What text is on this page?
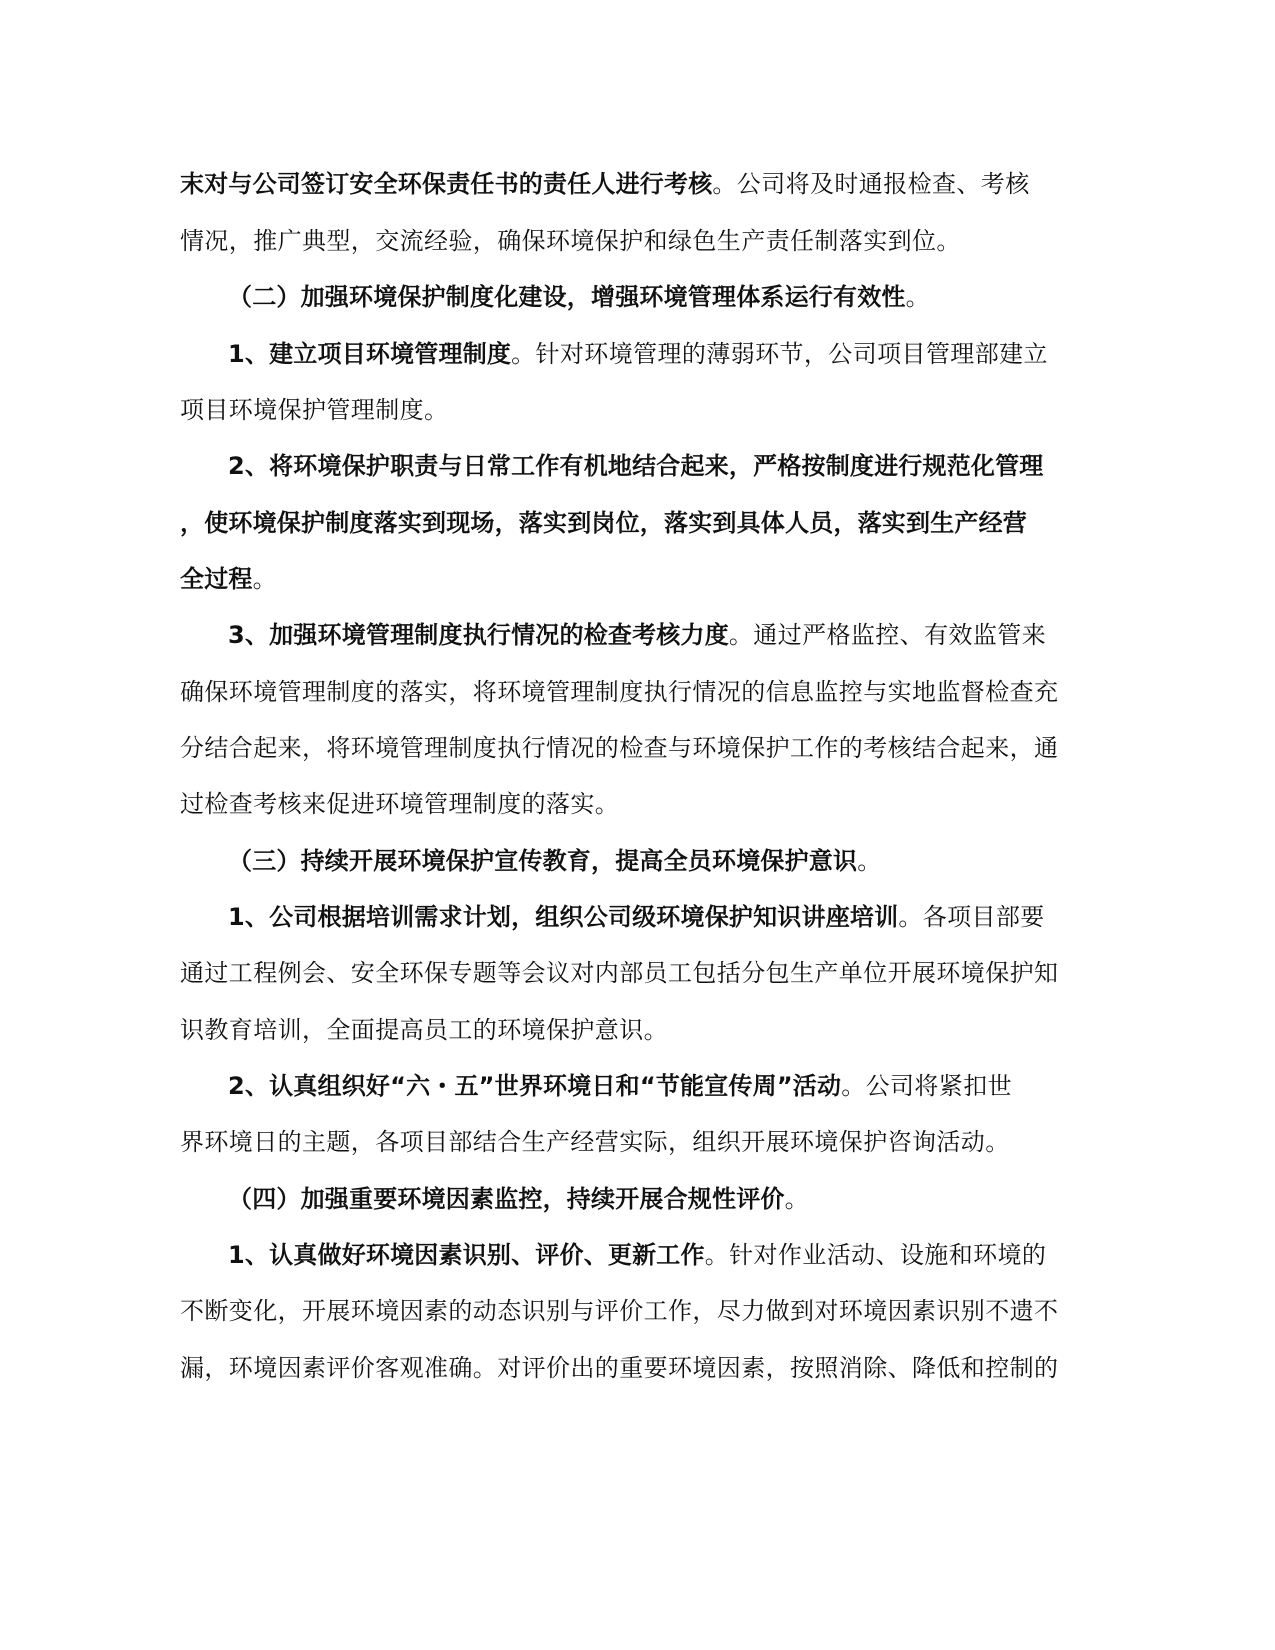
末对与公司签订安全环保责任书的责任人进行考核。公司将及时通报检查、考核
情况，推广典型，交流经验，确保环境保护和绿色生产责任制落实到位。
（二）加强环境保护制度化建设，增强环境管理体系运行有效性。
1、建立项目环境管理制度。针对环境管理的薄弱环节，公司项目管理部建立
项目环境保护管理制度。
2、将环境保护职责与日常工作有机地结合起来，严格按制度进行规范化管理
，使环境保护制度落实到现场，落实到岗位，落实到具体人员，落实到生产经营
全过程。
3、加强环境管理制度执行情况的检查考核力度。通过严格监控、有效监管来
确保环境管理制度的落实，将环境管理制度执行情况的信息监控与实地监督检查充
分结合起来，将环境管理制度执行情况的检查与环境保护工作的考核结合起来，通
过检查考核来促进环境管理制度的落实。
（三）持续开展环境保护宣传教育，提高全员环境保护意识。
1、公司根据培训需求计划，组织公司级环境保护知识讲座培训。各项目部要
通过工程例会、安全环保专题等会议对内部员工包括分包生产单位开展环境保护知
识教育培训，全面提高员工的环境保护意识。
2、认真组织好“六・五”世界环境日和“节能宣传周”活动。公司将紧扣世
界环境日的主题，各项目部结合生产经营实际，组织开展环境保护咨询活动。
（四）加强重要环境因素监控，持续开展合规性评价。
1、认真做好环境因素识别、评价、更新工作。针对作业活动、设施和环境的
不断变化，开展环境因素的动态识别与评价工作，尽力做到对环境因素识别不遗不
漏，环境因素评价客观准确。对评价出的重要环境因素，按照消除、降低和控制的
